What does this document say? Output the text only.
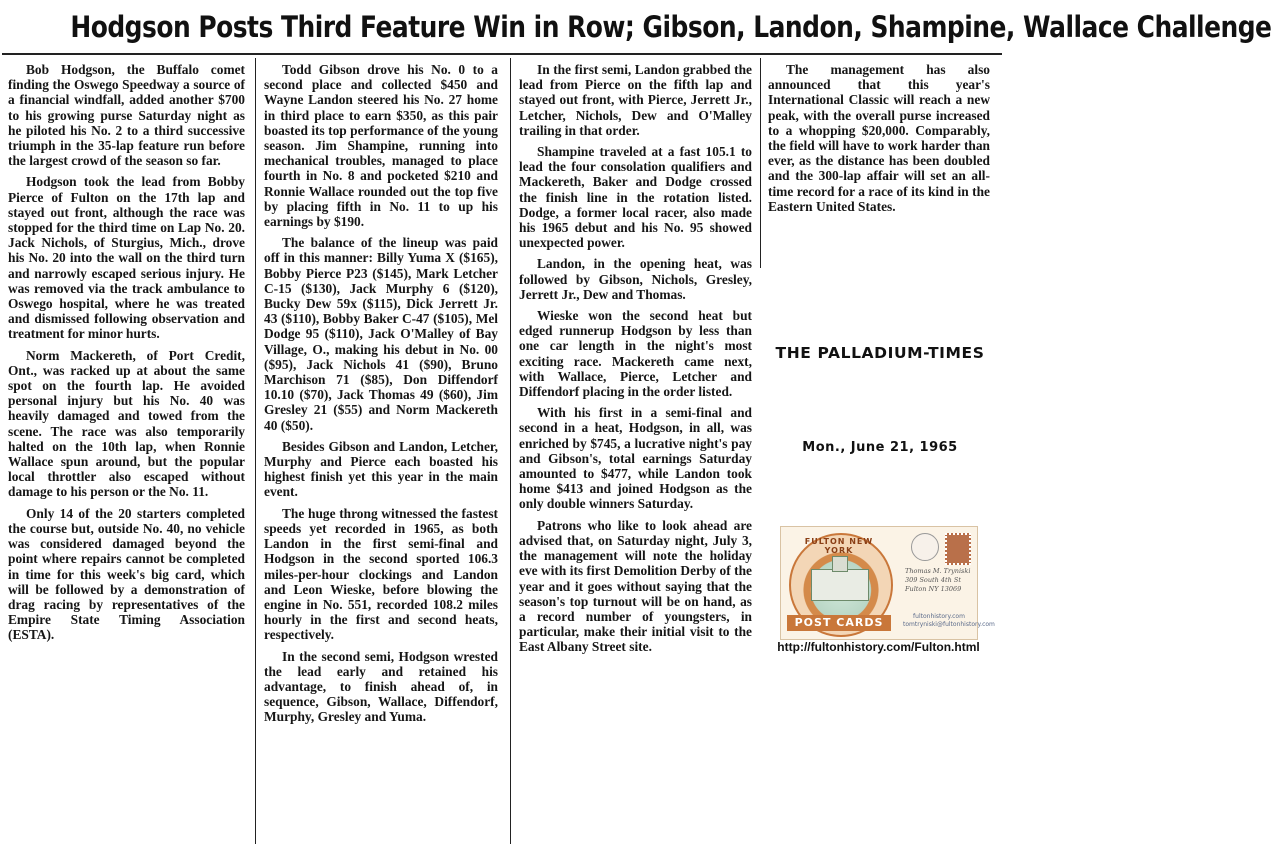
Hodgson Posts Third Feature Win in Row; Gibson, Landon, Shampine, Wallace Challenge

Bob Hodgson, the Buffalo comet finding the Oswego Speedway a source of a financial windfall, added another $700 to his growing purse Saturday night as he piloted his No. 2 to a third successive triumph in the 35-lap feature run before the largest crowd of the season so far.

Hodgson took the lead from Bobby Pierce of Fulton on the 17th lap and stayed out front, although the race was stopped for the third time on Lap No. 20. Jack Nichols, of Sturgius, Mich., drove his No. 20 into the wall on the third turn and narrowly escaped serious injury. He was removed via the track ambulance to Oswego hospital, where he was treated and dismissed following observation and treatment for minor hurts.

Norm Mackereth, of Port Credit, Ont., was racked up at about the same spot on the fourth lap. He avoided personal injury but his No. 40 was heavily damaged and towed from the scene. The race was also temporarily halted on the 10th lap, when Ronnie Wallace spun around, but the popular local throttler also escaped without damage to his person or the No. 11.

Only 14 of the 20 starters completed the course but, outside No. 40, no vehicle was considered damaged beyond the point where repairs cannot be completed in time for this week's big card, which will be followed by a demonstration of drag racing by representatives of the Empire State Timing Association (ESTA).

Todd Gibson drove his No. 0 to a second place and collected $450 and Wayne Landon steered his No. 27 home in third place to earn $350, as this pair boasted its top performance of the young season. Jim Shampine, running into mechanical troubles, managed to place fourth in No. 8 and pocketed $210 and Ronnie Wallace rounded out the top five by placing fifth in No. 11 to up his earnings by $190.

The balance of the lineup was paid off in this manner: Billy Yuma X ($165), Bobby Pierce P23 ($145), Mark Letcher C-15 ($130), Jack Murphy 6 ($120), Bucky Dew 59x ($115), Dick Jerrett Jr. 43 ($110), Bobby Baker C-47 ($105), Mel Dodge 95 ($110), Jack O'Malley of Bay Village, O., making his debut in No. 00 ($95), Jack Nichols 41 ($90), Bruno Marchison 71 ($85), Don Diffendorf 10.10 ($70), Jack Thomas 49 ($60), Jim Gresley 21 ($55) and Norm Mackereth 40 ($50).

Besides Gibson and Landon, Letcher, Murphy and Pierce each boasted his highest finish yet this year in the main event.

The huge throng witnessed the fastest speeds yet recorded in 1965, as both Landon in the first semi-final and Hodgson in the second sported 106.3 miles-per-hour clockings and Landon and Leon Wieske, before blowing the engine in No. 551, recorded 108.2 miles hourly in the first and second heats, respectively.

In the second semi, Hodgson wrested the lead early and retained his advantage, to finish ahead of, in sequence, Gibson, Wallace, Diffendorf, Murphy, Gresley and Yuma.

In the first semi, Landon grabbed the lead from Pierce on the fifth lap and stayed out front, with Pierce, Jerrett Jr., Letcher, Nichols, Dew and O'Malley trailing in that order.

Shampine traveled at a fast 105.1 to lead the four consolation qualifiers and Mackereth, Baker and Dodge crossed the finish line in the rotation listed. Dodge, a former local racer, also made his 1965 debut and his No. 95 showed unexpected power.

Landon, in the opening heat, was followed by Gibson, Nichols, Gresley, Jerrett Jr., Dew and Thomas.

Wieske won the second heat but edged runnerup Hodgson by less than one car length in the night's most exciting race. Mackereth came next, with Wallace, Pierce, Letcher and Diffendorf placing in the order listed.

With his first in a semi-final and second in a heat, Hodgson, in all, was enriched by $745, a lucrative night's pay and Gibson's, total earnings Saturday amounted to $477, while Landon took home $413 and joined Hodgson as the only double winners Saturday.

Patrons who like to look ahead are advised that, on Saturday night, July 3, the management will note the holiday eve with its first Demolition Derby of the year and it goes without saying that the season's top turnout will be on hand, as a record number of youngsters, in particular, make their initial visit to the East Albany Street site.

The management has also announced that this year's International Classic will reach a new peak, with the overall purse increased to a whopping $20,000. Comparably, the field will have to work harder than ever, as the distance has been doubled and the 300-lap affair will set an all-time record for a race of its kind in the Eastern United States.

THE PALLADIUM-TIMES
Mon., June 21, 1965
FULTON NEW YORK
POST CARDS
Thomas M. Tryniski 309 South 4th St Fulton NY 13069
fultonhistory.com
tomtryniski@fultonhistory.com
http://fultonhistory.com/Fulton.html
